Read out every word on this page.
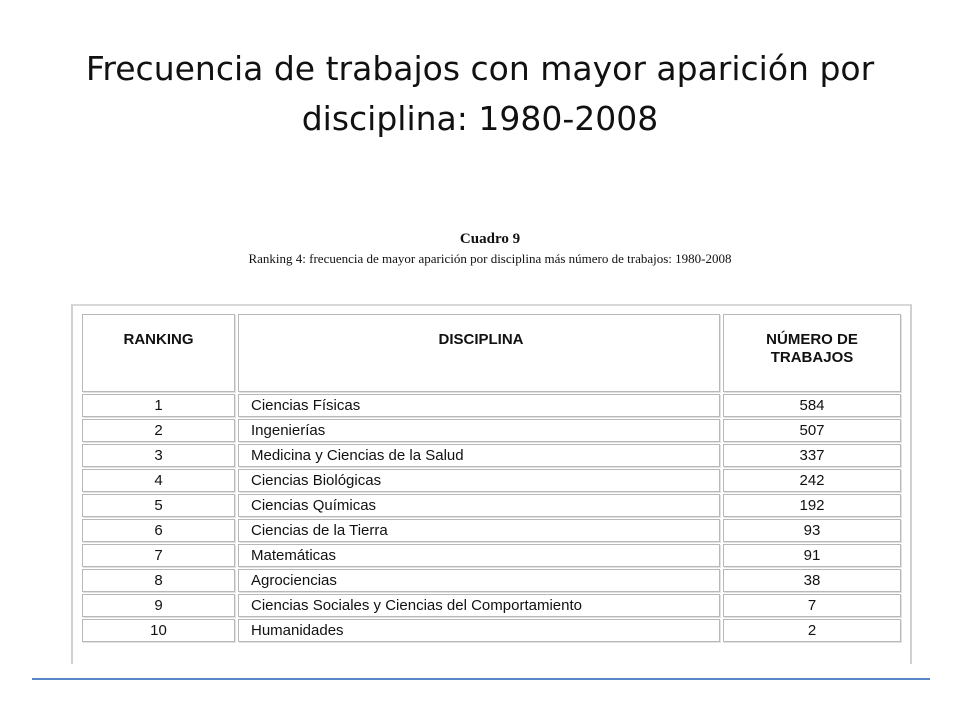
Frecuencia de trabajos con mayor aparición por
disciplina: 1980-2008
Cuadro 9
Ranking 4: frecuencia de mayor aparición por disciplina más número de trabajos: 1980-2008
RANKING	DISCIPLINA	NÚMERO DE
TRABAJOS

1	Ciencias Físicas	584
2	Ingenierías	507
3	Medicina y Ciencias de la Salud	337
4	Ciencias Biológicas	242
5	Ciencias Químicas	192
6	Ciencias de la Tierra	93
7	Matemáticas	91
8	Agrociencias	38
9	Ciencias Sociales y Ciencias del Comportamiento	7
10	Humanidades	2
